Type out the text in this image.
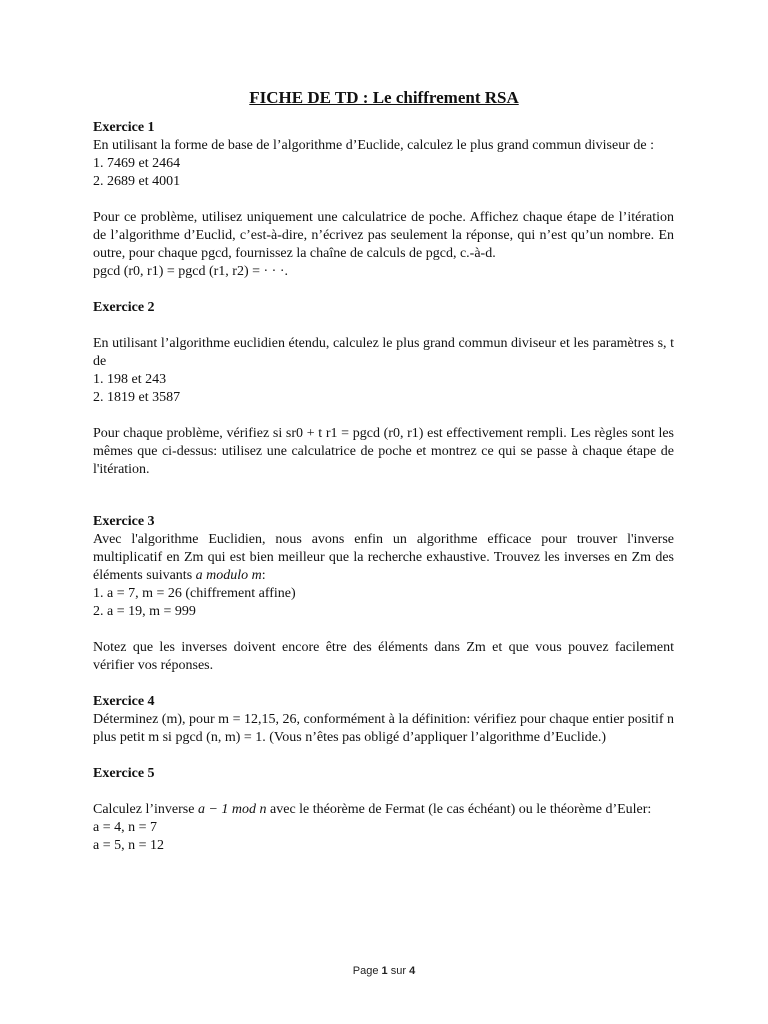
FICHE DE TD : Le chiffrement RSA

Exercice 1

En utilisant la forme de base de l’algorithme d’Euclide, calculez le plus grand commun diviseur de :

1. 7469 et 2464

2. 2689 et 4001

Pour ce problème, utilisez uniquement une calculatrice de poche. Affichez chaque étape de l’itération de l’algorithme d’Euclid, c’est-à-dire, n’écrivez pas seulement la réponse, qui n’est qu’un nombre. En outre, pour chaque pgcd, fournissez la chaîne de calculs de pgcd, c.-à-d.

pgcd (r0, r1) = pgcd (r1, r2) = · · ·.

Exercice 2

En utilisant l’algorithme euclidien étendu, calculez le plus grand commun diviseur et les paramètres s, t de

1. 198 et 243

2. 1819 et 3587

Pour chaque problème, vérifiez si sr0 + t r1 = pgcd (r0, r1) est effectivement rempli. Les règles sont les mêmes que ci-dessus: utilisez une calculatrice de poche et montrez ce qui se passe à chaque étape de l'itération.

Exercice 3

Avec l'algorithme Euclidien, nous avons enfin un algorithme efficace pour trouver l'inverse multiplicatif en Zm qui est bien meilleur que la recherche exhaustive. Trouvez les inverses en Zm des éléments suivants a modulo m:

1. a = 7, m = 26 (chiffrement affine)

2. a = 19, m = 999

Notez que les inverses doivent encore être des éléments dans Zm et que vous pouvez facilement vérifier vos réponses.

Exercice 4

Déterminez (m), pour m = 12,15, 26, conformément à la définition: vérifiez pour chaque entier positif n plus petit m si pgcd (n, m) = 1. (Vous n’êtes pas obligé d’appliquer l’algorithme d’Euclide.)

Exercice 5

Calculez l’inverse a − 1 mod n avec le théorème de Fermat (le cas échéant) ou le théorème d’Euler:

a = 4, n = 7

a = 5, n = 12

Page 1 sur 4
